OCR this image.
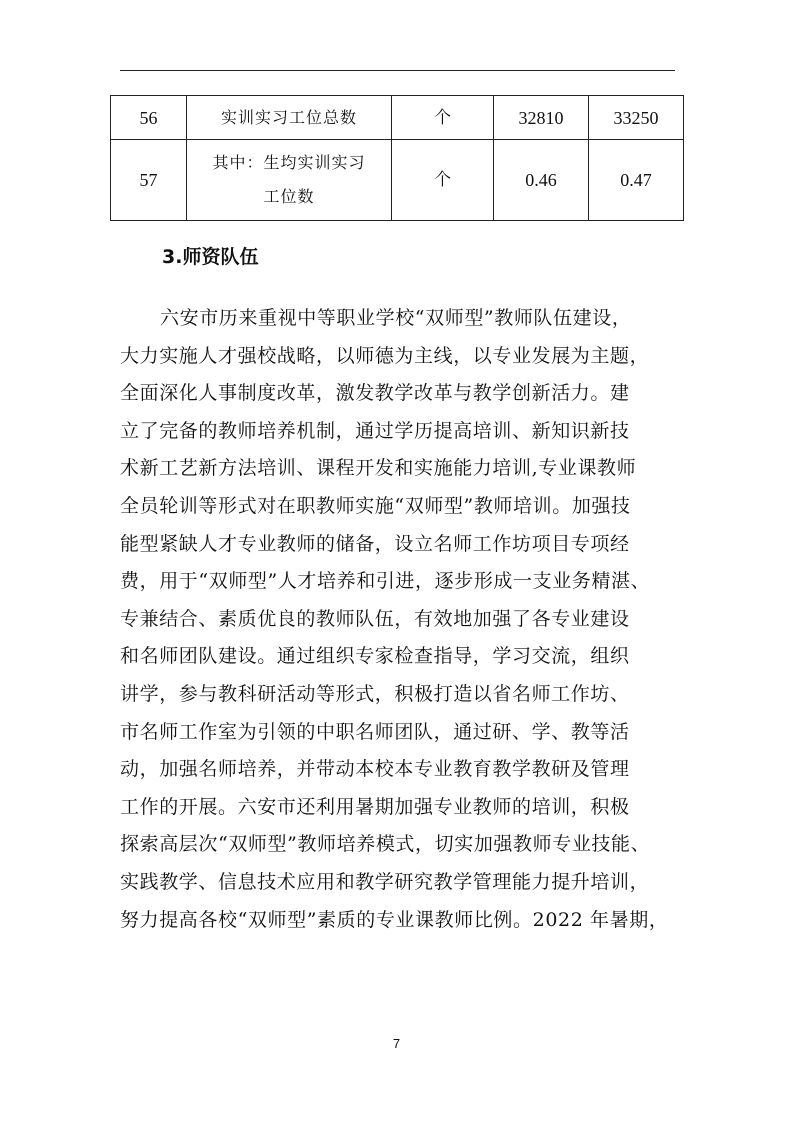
56	实训实习工位总数	个	32810	33250
57	其中：生均实训实习工位数	个	0.46	0.47
3.师资队伍
六安市历来重视中等职业学校“双师型”教师队伍建设，
大力实施人才强校战略，以师德为主线，以专业发展为主题，
全面深化人事制度改革，激发教学改革与教学创新活力。建
立了完备的教师培养机制，通过学历提高培训、新知识新技
术新工艺新方法培训、课程开发和实施能力培训,专业课教师
全员轮训等形式对在职教师实施“双师型”教师培训。加强技
能型紧缺人才专业教师的储备，设立名师工作坊项目专项经
费，用于“双师型”人才培养和引进，逐步形成一支业务精湛、
专兼结合、素质优良的教师队伍，有效地加强了各专业建设
和名师团队建设。通过组织专家检查指导，学习交流，组织
讲学，参与教科研活动等形式，积极打造以省名师工作坊、
市名师工作室为引领的中职名师团队，通过研、学、教等活
动，加强名师培养，并带动本校本专业教育教学教研及管理
工作的开展。六安市还利用暑期加强专业教师的培训，积极
探索高层次“双师型”教师培养模式，切实加强教师专业技能、
实践教学、信息技术应用和教学研究教学管理能力提升培训，
努力提高各校“双师型”素质的专业课教师比例。2022 年暑期，

7
